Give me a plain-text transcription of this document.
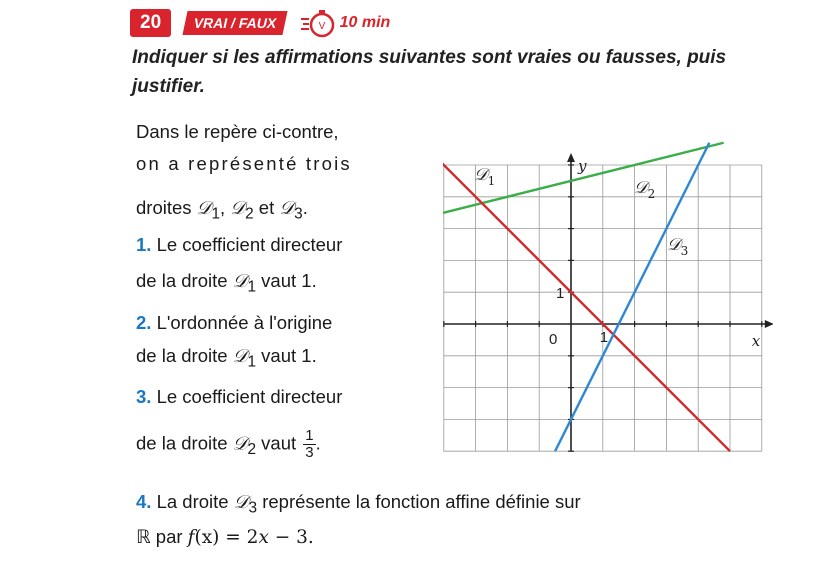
20	VRAI / FAUX	V 10 min
Indiquer si les affirmations suivantes sont vraies ou fausses, puis justifier.
Dans le repère ci-contre,
on a représenté trois
droites 𝒟$_1$, 𝒟$_2$ et 𝒟$_3$.
1. Le coefficient directeur
de la droite 𝒟$_1$ vaut 1.
2. L'ordonnée à l'origine
de la droite 𝒟$_1$ vaut 1.
3. Le coefficient directeur
de la droite 𝒟$_2$ vaut $\frac{1}{3}$ .
4. La droite 𝒟$_3$ représente la fonction affine définie sur
ℝ par f(x) = 2x − 3.
y
x
0	1
1
𝒟$_1$	𝒟$_2$
𝒟$_3$
